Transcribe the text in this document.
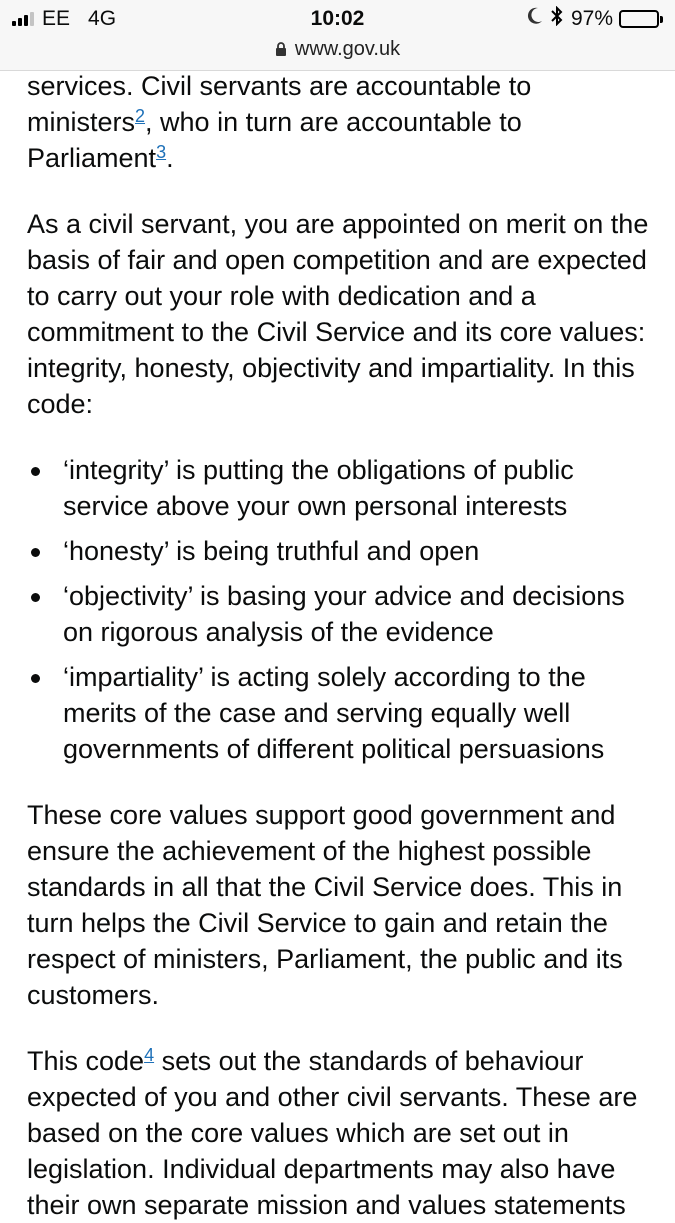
EE 4G	10:02	97%
www.gov.uk

services. Civil servants are accountable to ministers$^2$, who in turn are accountable to Parliament$^3$.

As a civil servant, you are appointed on merit on the basis of fair and open competition and are expected to carry out your role with dedication and a commitment to the Civil Service and its core values: integrity, honesty, objectivity and impartiality. In this code:

‘integrity’ is putting the obligations of public service above your own personal interests
‘honesty’ is being truthful and open
‘objectivity’ is basing your advice and decisions on rigorous analysis of the evidence
‘impartiality’ is acting solely according to the merits of the case and serving equally well governments of different political persuasions

These core values support good government and ensure the achievement of the highest possible standards in all that the Civil Service does. This in turn helps the Civil Service to gain and retain the respect of ministers, Parliament, the public and its customers.

This code$^4$ sets out the standards of behaviour expected of you and other civil servants. These are based on the core values which are set out in legislation. Individual departments may also have their own separate mission and values statements
